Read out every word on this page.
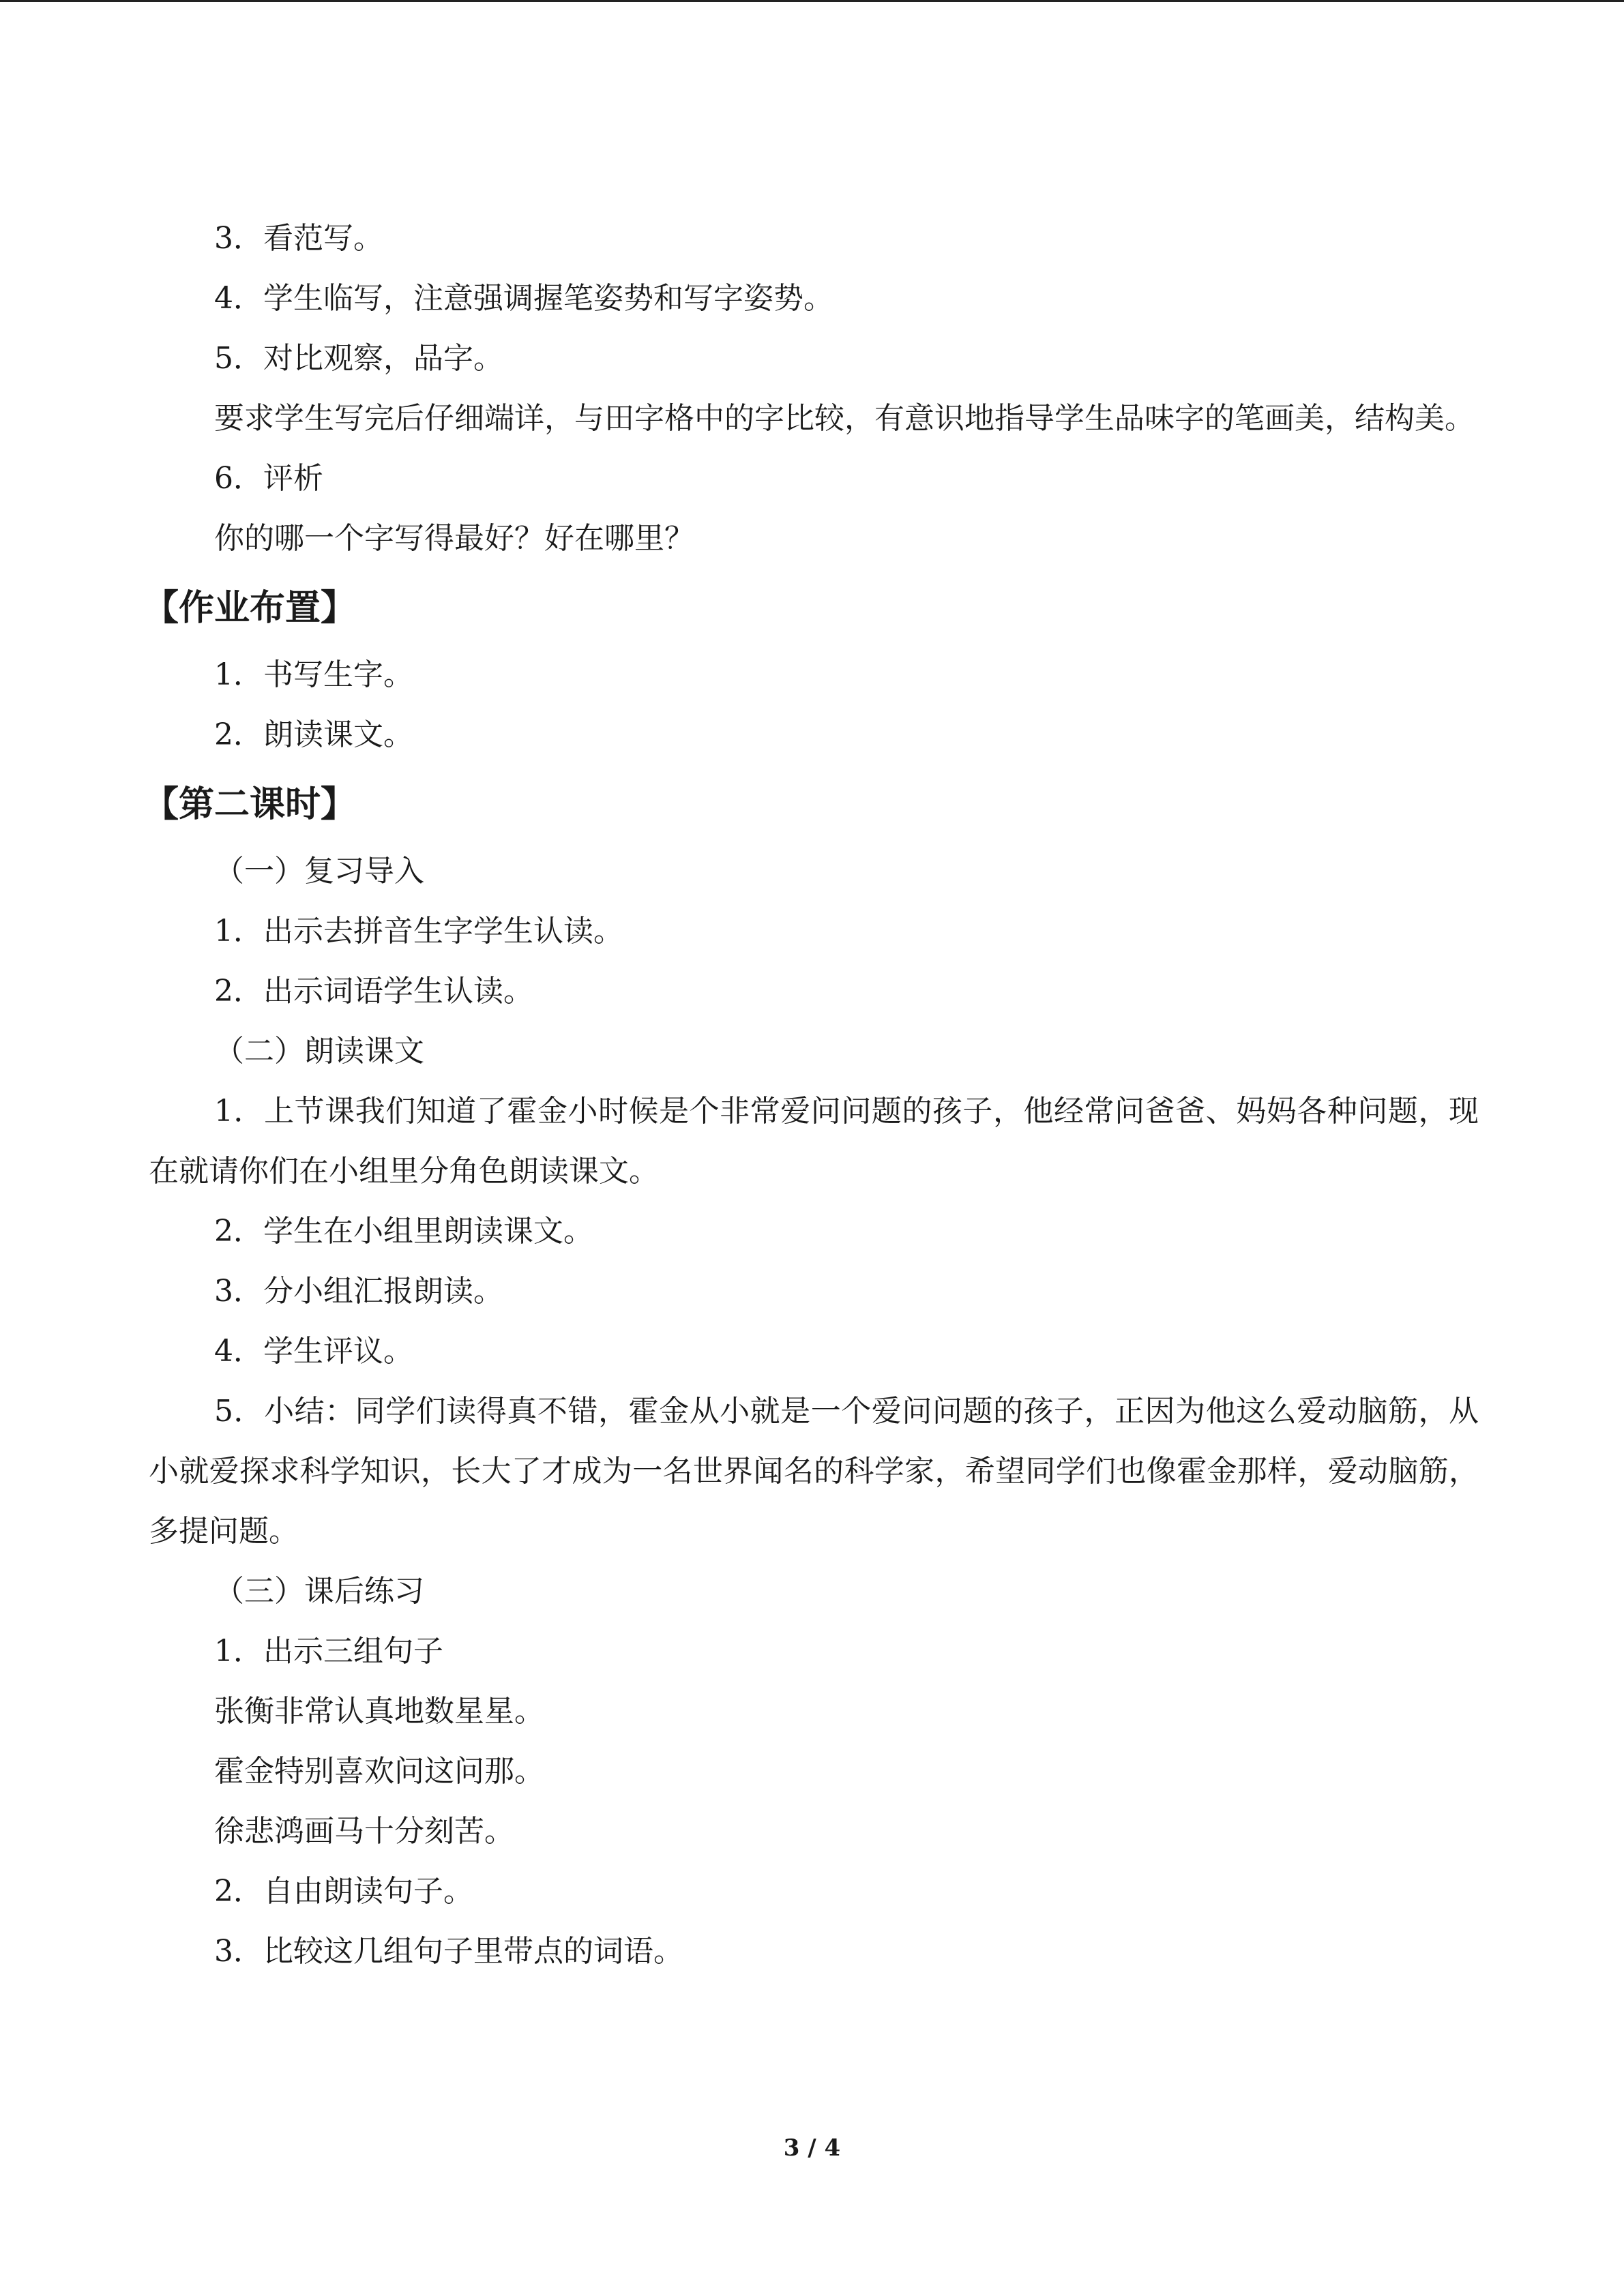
3．看范写。
4．学生临写，注意强调握笔姿势和写字姿势。
5．对比观察，品字。
要求学生写完后仔细端详，与田字格中的字比较，有意识地指导学生品味字的笔画美，结构美。
6．评析
你的哪一个字写得最好？好在哪里？
【作业布置】
1．书写生字。
2．朗读课文。
【第二课时】
（一）复习导入
1．出示去拼音生字学生认读。
2．出示词语学生认读。
（二）朗读课文
1．上节课我们知道了霍金小时候是个非常爱问问题的孩子，他经常问爸爸、妈妈各种问题，现在就请你们在小组里分角色朗读课文。
2．学生在小组里朗读课文。
3．分小组汇报朗读。
4．学生评议。
5．小结：同学们读得真不错，霍金从小就是一个爱问问题的孩子，正因为他这么爱动脑筋，从小就爱探求科学知识，长大了才成为一名世界闻名的科学家，希望同学们也像霍金那样，爱动脑筋，多提问题。
（三）课后练习
1．出示三组句子
张衡非常认真地数星星。
霍金特别喜欢问这问那。
徐悲鸿画马十分刻苦。
2．自由朗读句子。
3．比较这几组句子里带点的词语。
3 / 4
